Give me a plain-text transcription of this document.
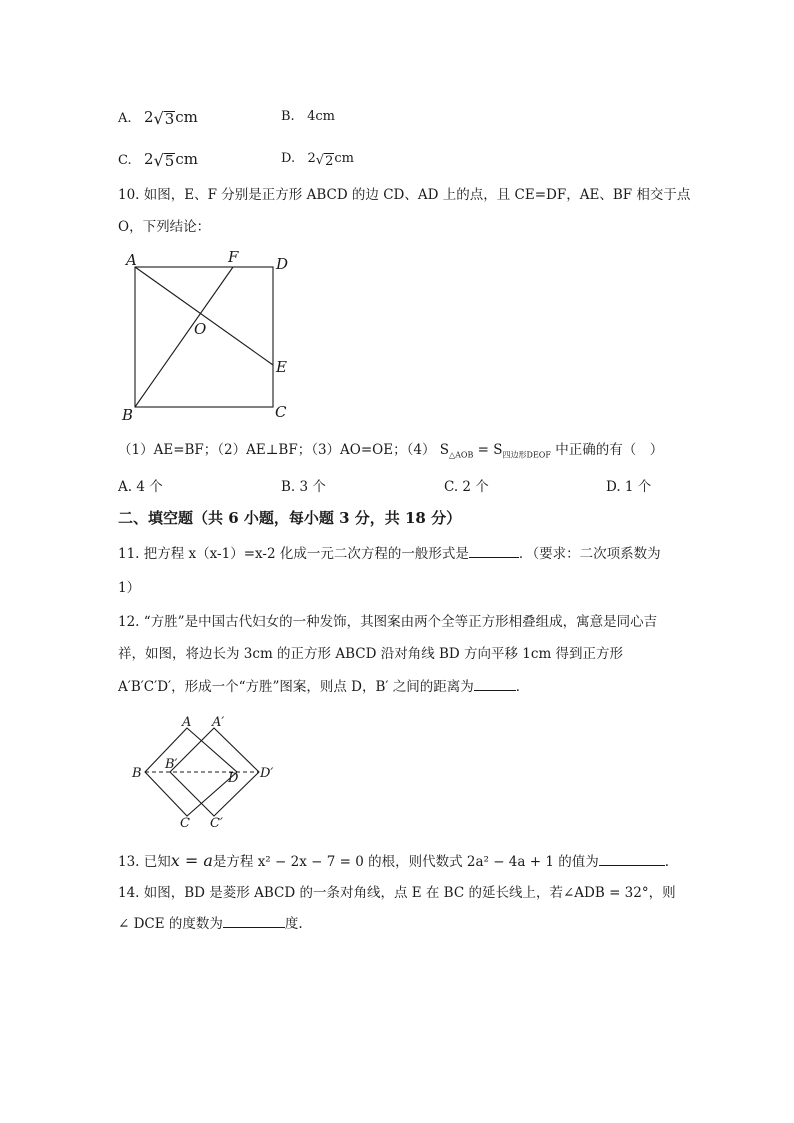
A. 2 √ 3 cm	B. 4cm
C. 2 √ 5 cm	D. 2 √ 2 cm
10. 如图，E、F 分别是正方形 ABCD 的边 CD、AD 上的点，且 CE=DF，AE、BF 相交于点
O，下列结论：
A	F	D
O
E
B	C
（1）AE=BF；（2）AE⊥BF；（3）AO=OE；（4） $S_{\triangle AOB} = S_{四边形DEOF}$ 中正确的有（　）
A. 4 个	B. 3 个	C. 2 个	D. 1 个
二、填空题（共 6 小题，每小题 3 分，共 18 分）
11. 把方程 x（x-1）=x-2 化成一元二次方程的一般形式是	．（要求：二次项系数为
1）
12. “方胜”是中国古代妇女的一种发饰，其图案由两个全等正方形相叠组成，寓意是同心吉
祥，如图，将边长为 3cm 的正方形 ABCD 沿对角线 BD 方向平移 1cm 得到正方形
A′B′C′D′，形成一个“方胜”图案，则点 D，B′ 之间的距离为	．
A A′
B
B′
D D′
C C′
13. 已知x = a是方程 x² − 2x − 7 = 0 的根，则代数式 2a² − 4a + 1 的值为	.
14. 如图，BD 是菱形 ABCD 的一条对角线，点 E 在 BC 的延长线上，若∠ADB = 32°，则
∠ DCE 的度数为	度.
